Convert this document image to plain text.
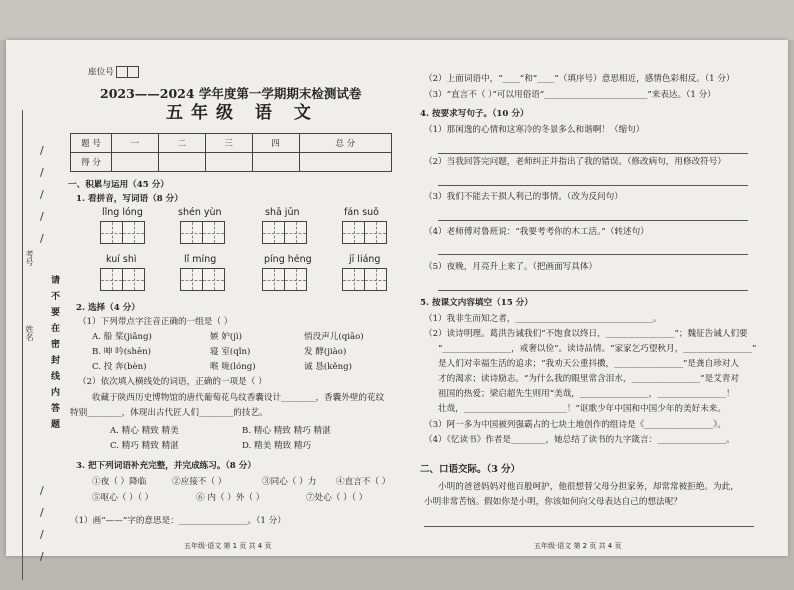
考号
姓名 请不要在密封线内答题
/
/
/
/
/
/
/
/
/
座位号
2023——2024 学年度第一学期期末检测试卷
五年级 语 文
题 号	一	二	三	四	总 分
得 分					
一、积累与运用（45 分）
1. 看拼音，写词语（8 分）
lǐng lóng	shén yùn	shā jūn	fán suǒ
kuí shì	lǐ míng	píng héng	jī liáng
2. 选择（4 分）
（1）下列带点字注音正确的一组是（ ）
A. 船 桨(jiǎng)	嫉 妒(jì)	悄没声儿(qiāo)
B. 呻 吟(shēn)	寝 室(qǐn)	发 酵(jiào)
C. 投 奔(bèn)	喉 咙(lóng)	诚 恳(kěng)
（2）依次填入横线处的词语，正确的一项是（ ）
收藏于陕西历史博物馆的唐代葡萄花鸟纹香囊设计________，香囊外壁的花纹
特别________，体现出古代匠人们________的技艺。
A. 精心 精致 精美	B. 精心 精致 精巧 精湛
C. 精巧 精致 精湛	D. 精美 精致 精巧
3. 把下列词语补充完整，并完成练习。（8 分）
①夜（ ）降临	②应接不（ ）	③同心（ ）力 ④直言不（ ）
⑤呕心（ ）（ ）	⑥ 内（ ）外（ ）	⑦处心（ ）（ ）
（1）画“——”字的意思是：________________。（1 分）
五年级·语文 第 1 页 共 4 页
（2）上面词语中，“____”和“____”（填序号）意思相近，感情色彩相反。（1 分）
（3）“直言不（ ）”可以用俗语“________________________”来表达。（1 分）
4. 按要求写句子。（10 分）
（1）那闲逸的心情和这寒冷的冬景多么和谐啊！（缩句）
（2）当我回答完问题，老师纠正并指出了我的错误。（修改病句，用修改符号）
（3）我们不能去干损人利己的事情。（改为反问句）
（4）老师傅对鲁班说：“我要考考你的木工活。”（转述句）
（5）夜晚，月亮升上来了。（把画面写具体）
5. 按课文内容填空（15 分）
（1）我非生而知之者，________________________________。
（2）读诗明理。葛洪告诫我们“不饱食以终日，________________”；魏征告诫人们要
“________________，戒奢以俭”。读诗品情。“家家乞巧望秋月，________________”
是人们对幸福生活的追求；“我劝天公重抖擞，________________”是龚自珍对人
才的渴求；读诗励志。“为什么我的眼里常含泪水，________________”是艾青对
祖国的热爱；梁启超先生则用“美哉，________________，________________！
壮哉，________________________！”讴歌少年中国和中国少年的美好未来。
（3）阿一多为中国被列强霸占的七块土地创作的组诗是《________________》。
（4）《忆读书》作者是________，她总结了读书的九字箴言：________________。
二、口语交际。（3 分）
小明的爸爸妈妈对他百般呵护，他很想替父母分担家务，却常常被拒绝。为此，
小明非常苦恼。假如你是小明，你该如何向父母表达自己的想法呢？
五年级·语文 第 2 页 共 4 页
